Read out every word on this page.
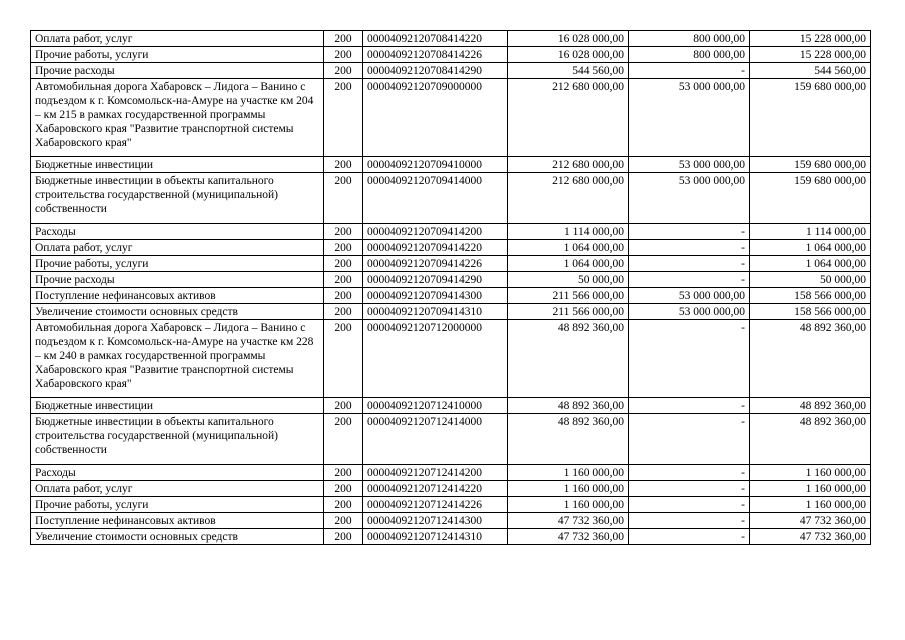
Оплата работ, услуг	200	00004092120708414220	16 028 000,00	800 000,00	15 228 000,00
Прочие работы, услуги	200	00004092120708414226	16 028 000,00	800 000,00	15 228 000,00
Прочие расходы	200	00004092120708414290	544 560,00	-	544 560,00
Автомобильная дорога Хабаровск – Лидога – Ванино с подъездом к г. Комсомольск-на-Амуре на участке км 204 – км 215 в рамках государственной программы Хабаровского края "Развитие транспортной системы Хабаровского края"	200	00004092120709000000	212 680 000,00	53 000 000,00	159 680 000,00
Бюджетные инвестиции	200	00004092120709410000	212 680 000,00	53 000 000,00	159 680 000,00
Бюджетные инвестиции в объекты капитального строительства государственной (муниципальной) собственности	200	00004092120709414000	212 680 000,00	53 000 000,00	159 680 000,00
Расходы	200	00004092120709414200	1 114 000,00	-	1 114 000,00
Оплата работ, услуг	200	00004092120709414220	1 064 000,00	-	1 064 000,00
Прочие работы, услуги	200	00004092120709414226	1 064 000,00	-	1 064 000,00
Прочие расходы	200	00004092120709414290	50 000,00	-	50 000,00
Поступление нефинансовых активов	200	00004092120709414300	211 566 000,00	53 000 000,00	158 566 000,00
Увеличение стоимости основных средств	200	00004092120709414310	211 566 000,00	53 000 000,00	158 566 000,00
Автомобильная дорога Хабаровск – Лидога – Ванино с подъездом к г. Комсомольск-на-Амуре на участке км 228 – км 240 в рамках государственной программы Хабаровского края "Развитие транспортной системы Хабаровского края"	200	00004092120712000000	48 892 360,00	-	48 892 360,00
Бюджетные инвестиции	200	00004092120712410000	48 892 360,00	-	48 892 360,00
Бюджетные инвестиции в объекты капитального строительства государственной (муниципальной) собственности	200	00004092120712414000	48 892 360,00	-	48 892 360,00
Расходы	200	00004092120712414200	1 160 000,00	-	1 160 000,00
Оплата работ, услуг	200	00004092120712414220	1 160 000,00	-	1 160 000,00
Прочие работы, услуги	200	00004092120712414226	1 160 000,00	-	1 160 000,00
Поступление нефинансовых активов	200	00004092120712414300	47 732 360,00	-	47 732 360,00
Увеличение стоимости основных средств	200	00004092120712414310	47 732 360,00	-	47 732 360,00
